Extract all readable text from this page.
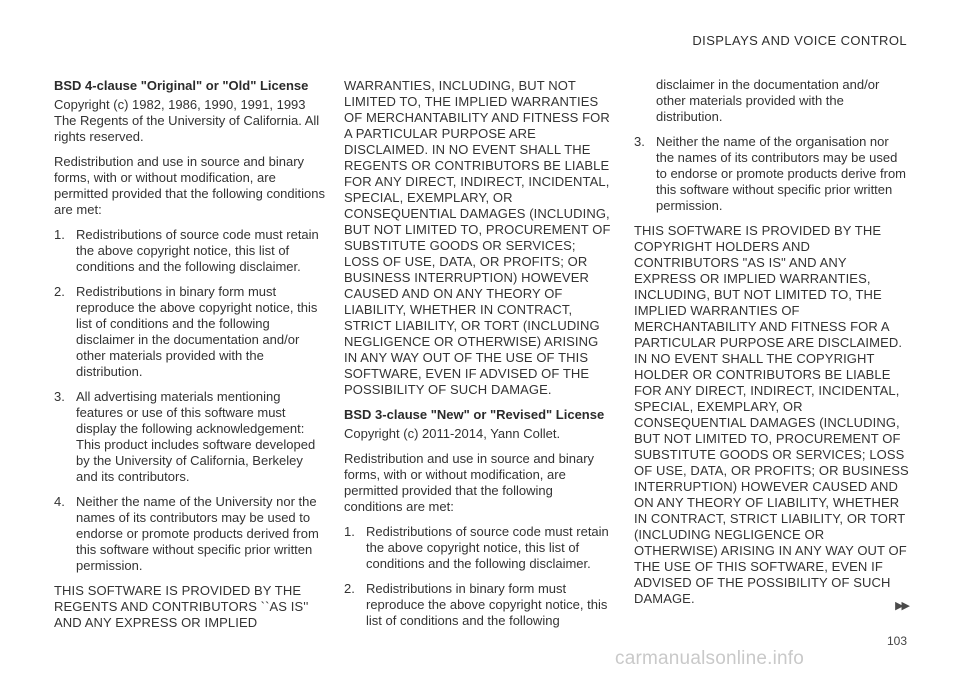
DISPLAYS AND VOICE CONTROL
BSD 4-clause "Original" or "Old" License

Copyright (c) 1982, 1986, 1990, 1991, 1993 The Regents of the University of California. All rights reserved.

Redistribution and use in source and binary forms, with or without modification, are permitted provided that the following conditions are met:

1. Redistributions of source code must retain the above copyright notice, this list of conditions and the following disclaimer.
2. Redistributions in binary form must reproduce the above copyright notice, this list of conditions and the following disclaimer in the documentation and/or other materials provided with the distribution.
3. All advertising materials mentioning features or use of this software must display the following acknowledgement: This product includes software developed by the University of California, Berkeley and its contributors.
4. Neither the name of the University nor the names of its contributors may be used to endorse or promote products derived from this software without specific prior written permission.

THIS SOFTWARE IS PROVIDED BY THE REGENTS AND CONTRIBUTORS ``AS IS'' AND ANY EXPRESS OR IMPLIED

WARRANTIES, INCLUDING, BUT NOT LIMITED TO, THE IMPLIED WARRANTIES OF MERCHANTABILITY AND FITNESS FOR A PARTICULAR PURPOSE ARE DISCLAIMED. IN NO EVENT SHALL THE REGENTS OR CONTRIBUTORS BE LIABLE FOR ANY DIRECT, INDIRECT, INCIDENTAL, SPECIAL, EXEMPLARY, OR CONSEQUENTIAL DAMAGES (INCLUDING, BUT NOT LIMITED TO, PROCUREMENT OF SUBSTITUTE GOODS OR SERVICES; LOSS OF USE, DATA, OR PROFITS; OR BUSINESS INTERRUPTION) HOWEVER CAUSED AND ON ANY THEORY OF LIABILITY, WHETHER IN CONTRACT, STRICT LIABILITY, OR TORT (INCLUDING NEGLIGENCE OR OTHERWISE) ARISING IN ANY WAY OUT OF THE USE OF THIS SOFTWARE, EVEN IF ADVISED OF THE POSSIBILITY OF SUCH DAMAGE.

BSD 3-clause "New" or "Revised" License

Copyright (c) 2011-2014, Yann Collet.

Redistribution and use in source and binary forms, with or without modification, are permitted provided that the following conditions are met:

1. Redistributions of source code must retain the above copyright notice, this list of conditions and the following disclaimer.
2. Redistributions in binary form must reproduce the above copyright notice, this list of conditions and the following

disclaimer in the documentation and/or other materials provided with the distribution.

3. Neither the name of the organisation nor the names of its contributors may be used to endorse or promote products derive from this software without specific prior written permission.

THIS SOFTWARE IS PROVIDED BY THE COPYRIGHT HOLDERS AND CONTRIBUTORS "AS IS" AND ANY EXPRESS OR IMPLIED WARRANTIES, INCLUDING, BUT NOT LIMITED TO, THE IMPLIED WARRANTIES OF MERCHANTABILITY AND FITNESS FOR A PARTICULAR PURPOSE ARE DISCLAIMED. IN NO EVENT SHALL THE COPYRIGHT HOLDER OR CONTRIBUTORS BE LIABLE FOR ANY DIRECT, INDIRECT, INCIDENTAL, SPECIAL, EXEMPLARY, OR CONSEQUENTIAL DAMAGES (INCLUDING, BUT NOT LIMITED TO, PROCUREMENT OF SUBSTITUTE GOODS OR SERVICES; LOSS OF USE, DATA, OR PROFITS; OR BUSINESS INTERRUPTION) HOWEVER CAUSED AND ON ANY THEORY OF LIABILITY, WHETHER IN CONTRACT, STRICT LIABILITY, OR TORT (INCLUDING NEGLIGENCE OR OTHERWISE) ARISING IN ANY WAY OUT OF THE USE OF THIS SOFTWARE, EVEN IF ADVISED OF THE POSSIBILITY OF SUCH DAMAGE.	▶▶
103
carmanualsonline.info
